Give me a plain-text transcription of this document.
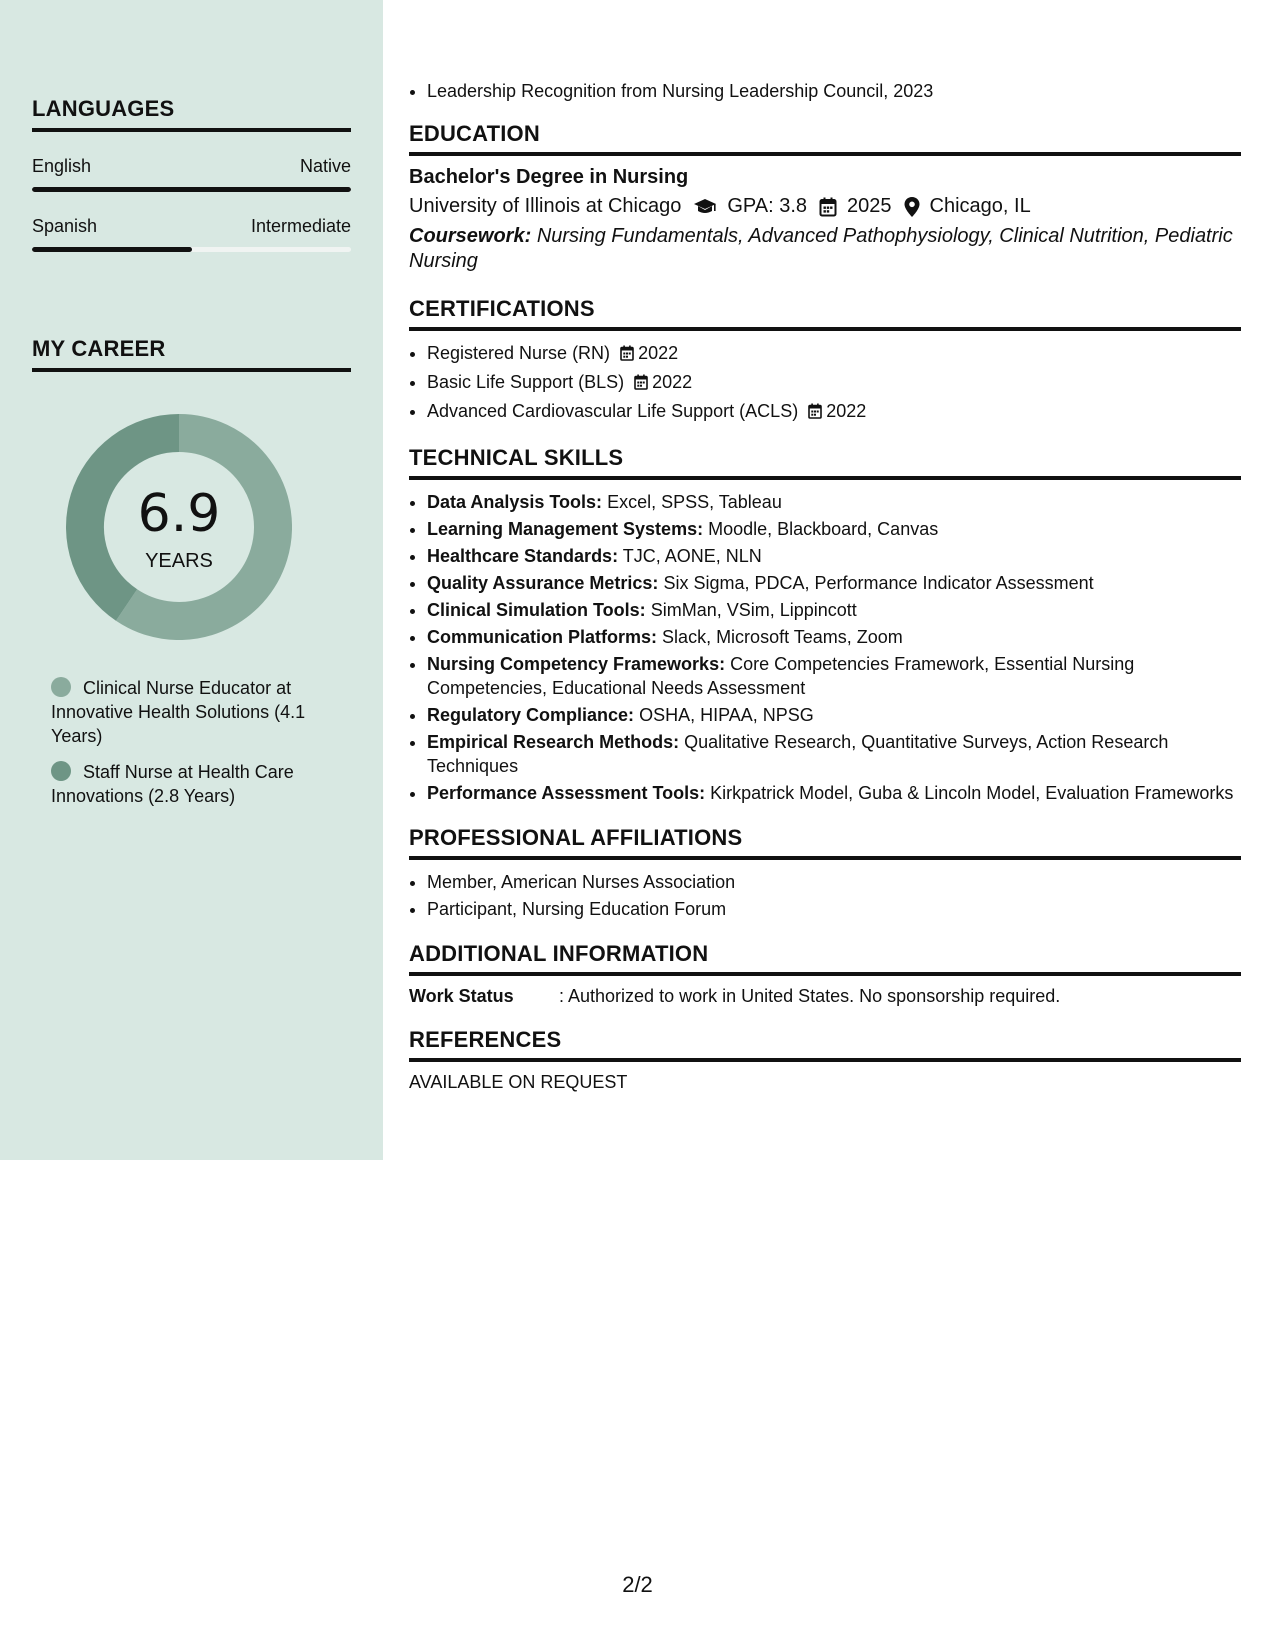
LANGUAGES
English	Native
Spanish	Intermediate
MY CAREER
6.9
YEARS
Clinical Nurse Educator at Innovative Health Solutions (4.1 Years)
Staff Nurse at Health Care Innovations (2.8 Years)
• Leadership Recognition from Nursing Leadership Council, 2023
EDUCATION
Bachelor's Degree in Nursing
University of Illinois at Chicago GPA: 3.8 2025 Chicago, IL
Coursework: Nursing Fundamentals, Advanced Pathophysiology, Clinical Nutrition, Pediatric Nursing
CERTIFICATIONS
• Registered Nurse (RN) 2022
• Basic Life Support (BLS) 2022
• Advanced Cardiovascular Life Support (ACLS) 2022
TECHNICAL SKILLS
• Data Analysis Tools: Excel, SPSS, Tableau
• Learning Management Systems: Moodle, Blackboard, Canvas
• Healthcare Standards: TJC, AONE, NLN
• Quality Assurance Metrics: Six Sigma, PDCA, Performance Indicator Assessment
• Clinical Simulation Tools: SimMan, VSim, Lippincott
• Communication Platforms: Slack, Microsoft Teams, Zoom
• Nursing Competency Frameworks: Core Competencies Framework, Essential Nursing Competencies, Educational Needs Assessment
• Regulatory Compliance: OSHA, HIPAA, NPSG
• Empirical Research Methods: Qualitative Research, Quantitative Surveys, Action Research Techniques
• Performance Assessment Tools: Kirkpatrick Model, Guba & Lincoln Model, Evaluation Frameworks
PROFESSIONAL AFFILIATIONS
• Member, American Nurses Association
• Participant, Nursing Education Forum
ADDITIONAL INFORMATION
Work Status	: Authorized to work in United States. No sponsorship required.
REFERENCES
AVAILABLE ON REQUEST
2/2
